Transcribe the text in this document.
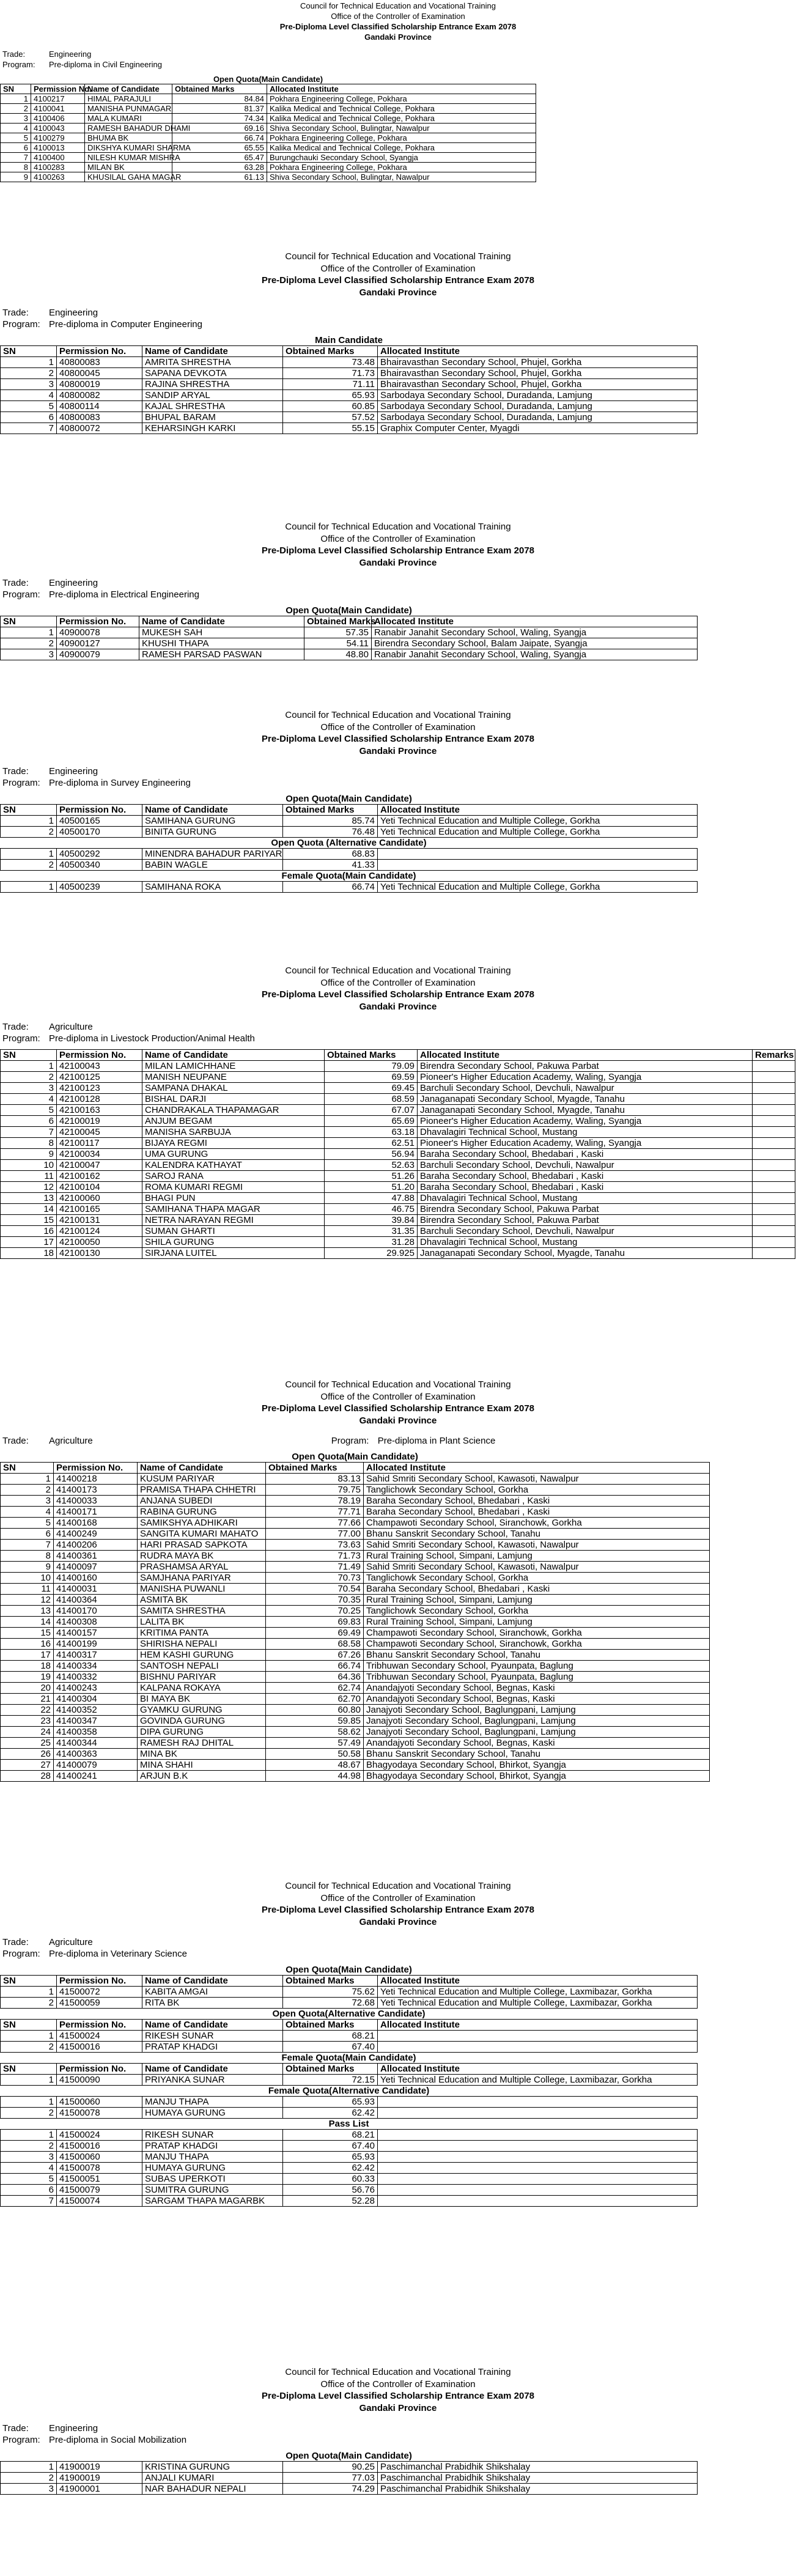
Council for Technical Education and Vocational Training
Office of the Controller of Examination
Pre-Diploma Level Classified Scholarship Entrance Exam 2078
Gandaki Province
Trade:	Engineering
Program: Pre-diploma in Civil Engineering
Open Quota(Main Candidate)				
SN	Permission No.	Name of Candidate	Obtained Marks	Allocated Institute
1	4100217	HIMAL PARAJULI	84.84	Pokhara Engineering College, Pokhara
2	4100041	MANISHA PUNMAGAR	81.37	Kalika Medical and Technical College, Pokhara
3	4100406	MALA KUMARI	74.34	Kalika Medical and Technical College, Pokhara
4	4100043	RAMESH BAHADUR DHAMI	69.16	Shiva Secondary School, Bulingtar, Nawalpur
5	4100279	BHUMA BK	66.74	Pokhara Engineering College, Pokhara
6	4100013	DIKSHYA KUMARI SHARMA	65.55	Kalika Medical and Technical College, Pokhara
7	4100400	NILESH KUMAR MISHRA	65.47	Burungchauki Secondary School, Syangja
8	4100283	MILAN BK	63.28	Pokhara Engineering College, Pokhara
9	4100263	KHUSILAL GAHA MAGAR	61.13	Shiva Secondary School, Bulingtar, Nawalpur
Council for Technical Education and Vocational Training
Office of the Controller of Examination
Pre-Diploma Level Classified Scholarship Entrance Exam 2078
Gandaki Province
Trade: Engineering
Program: Pre-diploma in Computer Engineering
Main Candidate				
SN	Permission No.	Name of Candidate	Obtained Marks	Allocated Institute
1	40800083	AMRITA SHRESTHA	73.48	Bhairavasthan Secondary School, Phujel, Gorkha
2	40800045	SAPANA DEVKOTA	71.73	Bhairavasthan Secondary School, Phujel, Gorkha
3	40800019	RAJINA SHRESTHA	71.11	Bhairavasthan Secondary School, Phujel, Gorkha
4	40800082	SANDIP ARYAL	65.93	Sarbodaya Secondary School, Duradanda, Lamjung
5	40800114	KAJAL SHRESTHA	60.85	Sarbodaya Secondary School, Duradanda, Lamjung
6	40800083	BHUPAL BARAM	57.52	Sarbodaya Secondary School, Duradanda, Lamjung
7	40800072	KEHARSINGH KARKI	55.15	Graphix Computer Center, Myagdi
Council for Technical Education and Vocational Training
Office of the Controller of Examination
Pre-Diploma Level Classified Scholarship Entrance Exam 2078
Gandaki Province
Trade: Engineering
Program: Pre-diploma in Electrical Engineering
Open Quota(Main Candidate)				
SN	Permission No.	Name of Candidate	Obtained Marks	Allocated Institute
1	40900078	MUKESH SAH	57.35	Ranabir Janahit Secondary School, Waling, Syangja
2	40900127	KHUSHI THAPA	54.11	Birendra Secondary School, Balam Jaipate, Syangja
3	40900079	RAMESH PARSAD PASWAN	48.80	Ranabir Janahit Secondary School, Waling, Syangja
Council for Technical Education and Vocational Training
Office of the Controller of Examination
Pre-Diploma Level Classified Scholarship Entrance Exam 2078
Gandaki Province
Trade: Engineering
Program: Pre-diploma in Survey Engineering
Open Quota(Main Candidate)				
SN	Permission No.	Name of Candidate	Obtained Marks	Allocated Institute
1	40500165	SAMIHANA GURUNG	85.74	Yeti Technical Education and Multiple College, Gorkha
2	40500170	BINITA GURUNG	76.48	Yeti Technical Education and Multiple College, Gorkha
Open Quota (Alternative Candidate)				
1	40500292	MINENDRA BAHADUR PARIYAR	68.83	
2	40500340	BABIN WAGLE	41.33	
Female Quota(Main Candidate)				
1	40500239	SAMIHANA ROKA	66.74	Yeti Technical Education and Multiple College, Gorkha
Council for Technical Education and Vocational Training
Office of the Controller of Examination
Pre-Diploma Level Classified Scholarship Entrance Exam 2078
Gandaki Province
Trade: Agriculture
Program: Pre-diploma in Livestock Production/Animal Health
SN	Permission No.	Name of Candidate	Obtained Marks	Allocated Institute	Remarks
1	42100043	MILAN LAMICHHANE	79.09	Birendra Secondary School, Pakuwa Parbat	
2	42100125	MANISH NEUPANE	69.59	Pioneer's Higher Education Academy, Waling, Syangja	
3	42100123	SAMPANA DHAKAL	69.45	Barchuli Secondary School, Devchuli, Nawalpur	
4	42100128	BISHAL DARJI	68.59	Janaganapati Secondary School, Myagde, Tanahu	
5	42100163	CHANDRAKALA THAPAMAGAR	67.07	Janaganapati Secondary School, Myagde, Tanahu	
6	42100019	ANJUM BEGAM	65.69	Pioneer's Higher Education Academy, Waling, Syangja	
7	42100045	MANISHA SARBUJA	63.18	Dhavalagiri Technical School, Mustang	
8	42100117	BIJAYA REGMI	62.51	Pioneer's Higher Education Academy, Waling, Syangja	
9	42100034	UMA GURUNG	56.94	Baraha Secondary School, Bhedabari , Kaski	
10	42100047	KALENDRA KATHAYAT	52.63	Barchuli Secondary School, Devchuli, Nawalpur	
11	42100162	SAROJ RANA	51.26	Baraha Secondary School, Bhedabari , Kaski	
12	42100104	ROMA KUMARI REGMI	51.20	Baraha Secondary School, Bhedabari , Kaski	
13	42100060	BHAGI PUN	47.88	Dhavalagiri Technical School, Mustang	
14	42100165	SAMIHANA THAPA MAGAR	46.75	Birendra Secondary School, Pakuwa Parbat	
15	42100131	NETRA NARAYAN REGMI	39.84	Birendra Secondary School, Pakuwa Parbat	
16	42100124	SUMAN GHARTI	31.35	Barchuli Secondary School, Devchuli, Nawalpur	
17	42100050	SHILA GURUNG	31.28	Dhavalagiri Technical School, Mustang	
18	42100130	SIRJANA LUITEL	29.925	Janaganapati Secondary School, Myagde, Tanahu	
Council for Technical Education and Vocational Training
Office of the Controller of Examination
Pre-Diploma Level Classified Scholarship Entrance Exam 2078
Gandaki Province
Trade: Agriculture	Program: Pre-diploma in Plant Science
Open Quota(Main Candidate)				
SN	Permission No.	Name of Candidate	Obtained Marks	Allocated Institute
1	41400218	KUSUM PARIYAR	83.13	Sahid Smriti Secondary School, Kawasoti, Nawalpur
2	41400173	PRAMISA THAPA CHHETRI	79.75	Tanglichowk Secondary School, Gorkha
3	41400033	ANJANA SUBEDI	78.19	Baraha Secondary School, Bhedabari , Kaski
4	41400171	RABINA GURUNG	77.71	Baraha Secondary School, Bhedabari , Kaski
5	41400168	SAMIKSHYA ADHIKARI	77.66	Champawoti Secondary School, Siranchowk, Gorkha
6	41400249	SANGITA KUMARI MAHATO	77.00	Bhanu Sanskrit Secondary School, Tanahu
7	41400206	HARI PRASAD SAPKOTA	73.63	Sahid Smriti Secondary School, Kawasoti, Nawalpur
8	41400361	RUDRA MAYA BK	71.73	Rural Training School, Simpani, Lamjung
9	41400097	PRASHAMSA ARYAL	71.49	Sahid Smriti Secondary School, Kawasoti, Nawalpur
10	41400160	SAMJHANA PARIYAR	70.73	Tanglichowk Secondary School, Gorkha
11	41400031	MANISHA PUWANLI	70.54	Baraha Secondary School, Bhedabari , Kaski
12	41400364	ASMITA BK	70.35	Rural Training School, Simpani, Lamjung
13	41400170	SAMITA SHRESTHA	70.25	Tanglichowk Secondary School, Gorkha
14	41400308	LALITA BK	69.83	Rural Training School, Simpani, Lamjung
15	41400157	KRITIMA PANTA	69.49	Champawoti Secondary School, Siranchowk, Gorkha
16	41400199	SHIRISHA NEPALI	68.58	Champawoti Secondary School, Siranchowk, Gorkha
17	41400317	HEM KASHI GURUNG	67.26	Bhanu Sanskrit Secondary School, Tanahu
18	41400334	SANTOSH NEPALI	66.74	Tribhuwan Secondary School, Pyaunpata, Baglung
19	41400332	BISHNU PARIYAR	64.36	Tribhuwan Secondary School, Pyaunpata, Baglung
20	41400243	KALPANA ROKAYA	62.74	Anandajyoti Secondary School, Begnas, Kaski
21	41400304	BI MAYA BK	62.70	Anandajyoti Secondary School, Begnas, Kaski
22	41400352	GYAMKU GURUNG	60.80	Janajyoti Secondary School, Baglungpani, Lamjung
23	41400347	GOVINDA GURUNG	59.85	Janajyoti Secondary School, Baglungpani, Lamjung
24	41400358	DIPA GURUNG	58.62	Janajyoti Secondary School, Baglungpani, Lamjung
25	41400344	RAMESH RAJ DHITAL	57.49	Anandajyoti Secondary School, Begnas, Kaski
26	41400363	MINA BK	50.58	Bhanu Sanskrit Secondary School, Tanahu
27	41400079	MINA SHAHI	48.67	Bhagyodaya Secondary School, Bhirkot, Syangja
28	41400241	ARJUN B.K	44.98	Bhagyodaya Secondary School, Bhirkot, Syangja
Council for Technical Education and Vocational Training
Office of the Controller of Examination
Pre-Diploma Level Classified Scholarship Entrance Exam 2078
Gandaki Province
Trade: Agriculture
Program: Pre-diploma in Veterinary Science
Open Quota(Main Candidate)				
SN	Permission No.	Name of Candidate	Obtained Marks	Allocated Institute
1	41500072	KABITA AMGAI	75.62	Yeti Technical Education and Multiple College, Laxmibazar, Gorkha
2	41500059	RITA BK	72.68	Yeti Technical Education and Multiple College, Laxmibazar, Gorkha
Open Quota(Alternative Candidate)				
SN	Permission No.	Name of Candidate	Obtained Marks	Allocated Institute
1	41500024	RIKESH SUNAR	68.21	
2	41500016	PRATAP KHADGI	67.40	
Female Quota(Main Candidate)				
SN	Permission No.	Name of Candidate	Obtained Marks	Allocated Institute
1	41500090	PRIYANKA SUNAR	72.15	Yeti Technical Education and Multiple College, Laxmibazar, Gorkha
Female Quota(Alternative Candidate)				
1	41500060	MANJU THAPA	65.93	
2	41500078	HUMAYA GURUNG	62.42	
Pass List				
1	41500024	RIKESH SUNAR	68.21	
2	41500016	PRATAP KHADGI	67.40	
3	41500060	MANJU THAPA	65.93	
4	41500078	HUMAYA GURUNG	62.42	
5	41500051	SUBAS UPERKOTI	60.33	
6	41500079	SUMITRA GURUNG	56.76	
7	41500074	SARGAM THAPA MAGARBK	52.28	
Council for Technical Education and Vocational Training
Office of the Controller of Examination
Pre-Diploma Level Classified Scholarship Entrance Exam 2078
Gandaki Province
Trade: Engineering
Program: Pre-diploma in Social Mobilization
Open Quota(Main Candidate)				
1	41900019	KRISTINA GURUNG	90.25	Paschimanchal Prabidhik Shikshalay
2	41900019	ANJALI KUMARI	77.03	Paschimanchal Prabidhik Shikshalay
3	41900001	NAR BAHADUR NEPALI	74.29	Paschimanchal Prabidhik Shikshalay
